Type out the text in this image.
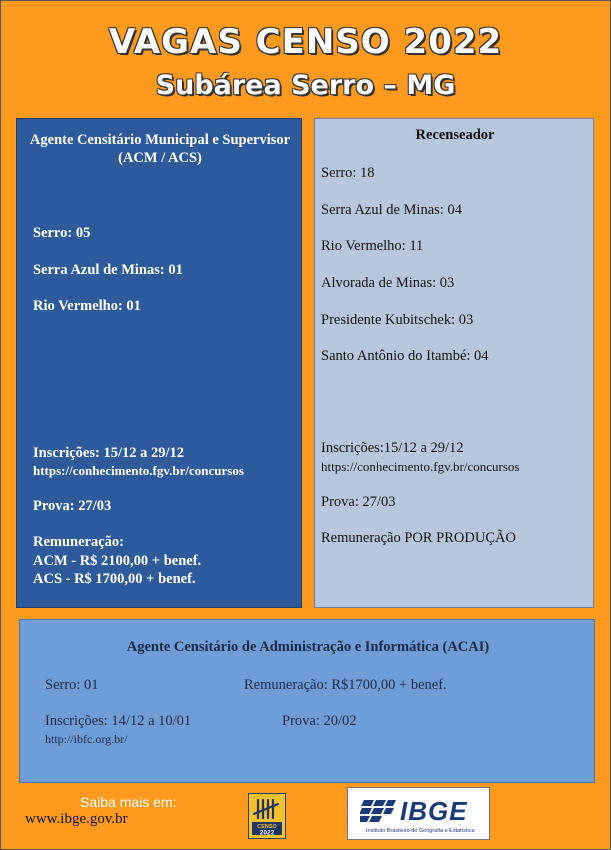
VAGAS CENSO 2022
Subárea Serro – MG
Agente Censitário Municipal e Supervisor (ACM / ACS)
Serro: 05
Serra Azul de Minas: 01
Rio Vermelho: 01
Inscrições: 15/12 a 29/12
https://conhecimento.fgv.br/concursos
Prova: 27/03
Remuneração:
ACM - R$ 2100,00 + benef.
ACS - R$ 1700,00 + benef.
Recenseador
Serro: 18
Serra Azul de Minas: 04
Rio Vermelho: 11
Alvorada de Minas: 03
Presidente Kubitschek: 03
Santo Antônio do Itambé: 04
Inscrições:15/12 a 29/12
https://conhecimento.fgv.br/concursos
Prova: 27/03
Remuneração POR PRODUÇÃO
Agente Censitário de Administração e Informática (ACAI)
Serro: 01	Remuneração: R$1700,00 + benef.
Inscrições: 14/12 a 10/01	Prova: 20/02
http://ibfc.org.br/
Saiba mais em:
www.ibge.gov.br	CENSO
2022
IBGE
Instituto Brasileiro de Geografia e Estatística
